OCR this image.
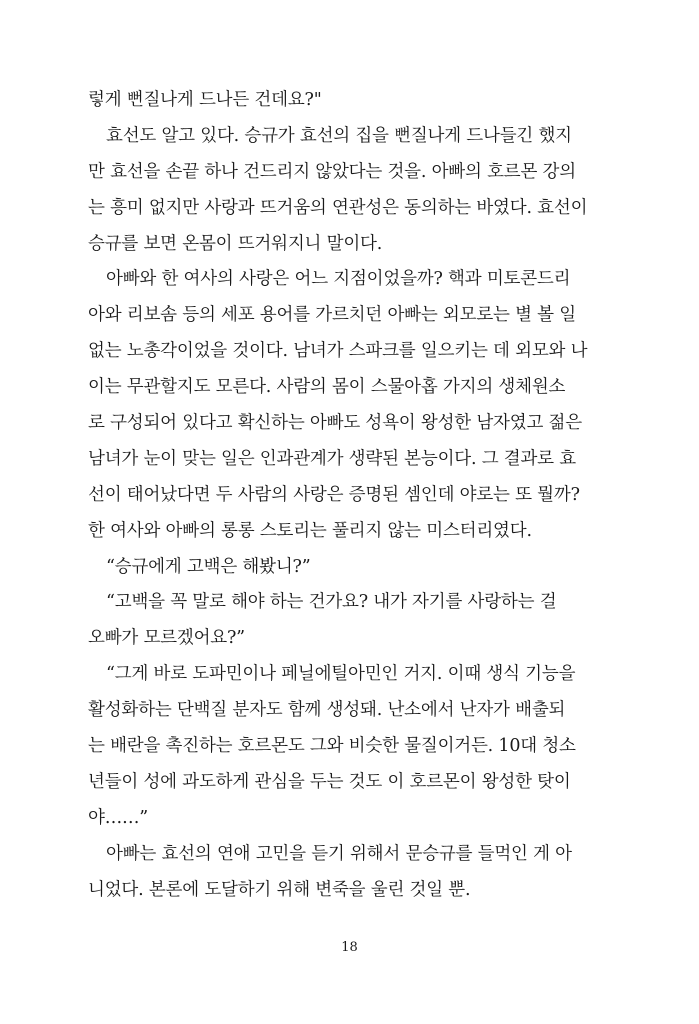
렇게 뻔질나게 드나든 건데요?"
효선도 알고 있다. 승규가 효선의 집을 뻔질나게 드나들긴 했지
만 효선을 손끝 하나 건드리지 않았다는 것을. 아빠의 호르몬 강의
는 흥미 없지만 사랑과 뜨거움의 연관성은 동의하는 바였다. 효선이
승규를 보면 온몸이 뜨거워지니 말이다.
아빠와 한 여사의 사랑은 어느 지점이었을까? 핵과 미토콘드리
아와 리보솜 등의 세포 용어를 가르치던 아빠는 외모로는 별 볼 일
없는 노총각이었을 것이다. 남녀가 스파크를 일으키는 데 외모와 나
이는 무관할지도 모른다. 사람의 몸이 스물아홉 가지의 생체원소
로 구성되어 있다고 확신하는 아빠도 성욕이 왕성한 남자였고 젊은
남녀가 눈이 맞는 일은 인과관계가 생략된 본능이다. 그 결과로 효
선이 태어났다면 두 사람의 사랑은 증명된 셈인데 야로는 또 뭘까?
한 여사와 아빠의 롱롱 스토리는 풀리지 않는 미스터리였다.
“승규에게 고백은 해봤니?”
“고백을 꼭 말로 해야 하는 건가요? 내가 자기를 사랑하는 걸
오빠가 모르겠어요?”
“그게 바로 도파민이나 페닐에틸아민인 거지. 이때 생식 기능을
활성화하는 단백질 분자도 함께 생성돼. 난소에서 난자가 배출되
는 배란을 촉진하는 호르몬도 그와 비슷한 물질이거든. 10대 청소
년들이 성에 과도하게 관심을 두는 것도 이 호르몬이 왕성한 탓이
야……”
아빠는 효선의 연애 고민을 듣기 위해서 문승규를 들먹인 게 아
니었다. 본론에 도달하기 위해 변죽을 울린 것일 뿐.
18
